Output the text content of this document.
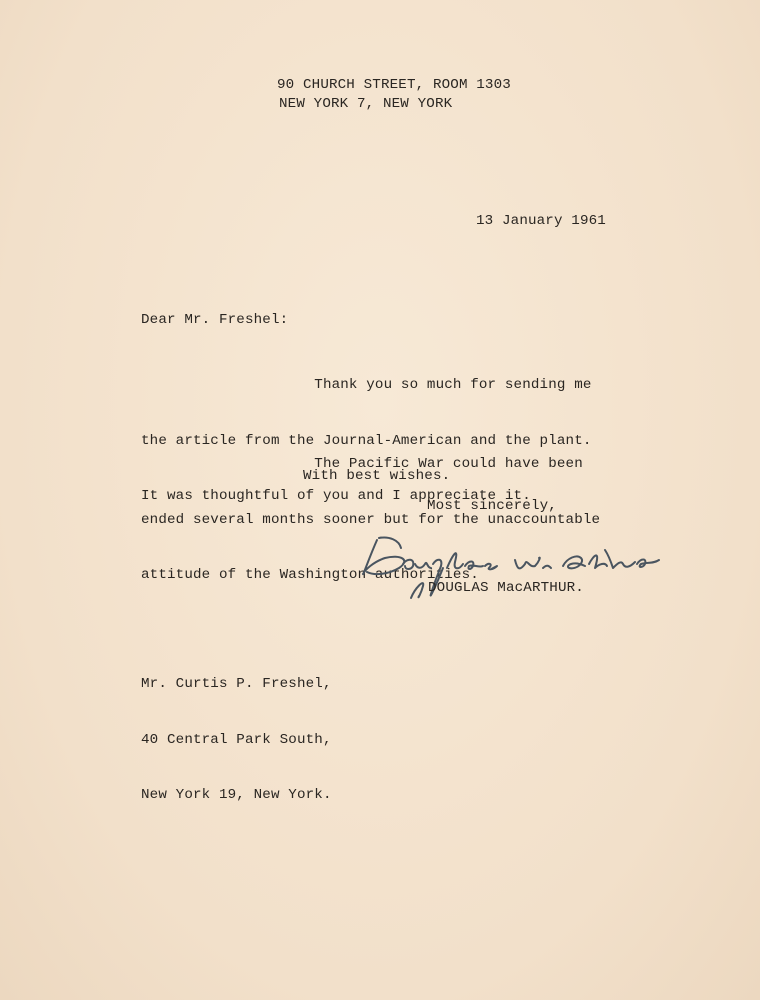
90 CHURCH STREET, ROOM 1303
NEW YORK 7, NEW YORK
13 January 1961
Dear Mr. Freshel:

Thank you so much for sending me

the article from the Journal-American and the plant.

It was thoughtful of you and I appreciate it.

The Pacific War could have been

ended several months sooner but for the unaccountable

attitude of the Washington authorities.

With best wishes.
Most sincerely,
DOUGLAS MacARTHUR.

Mr. Curtis P. Freshel,

40 Central Park South,

New York 19, New York.
